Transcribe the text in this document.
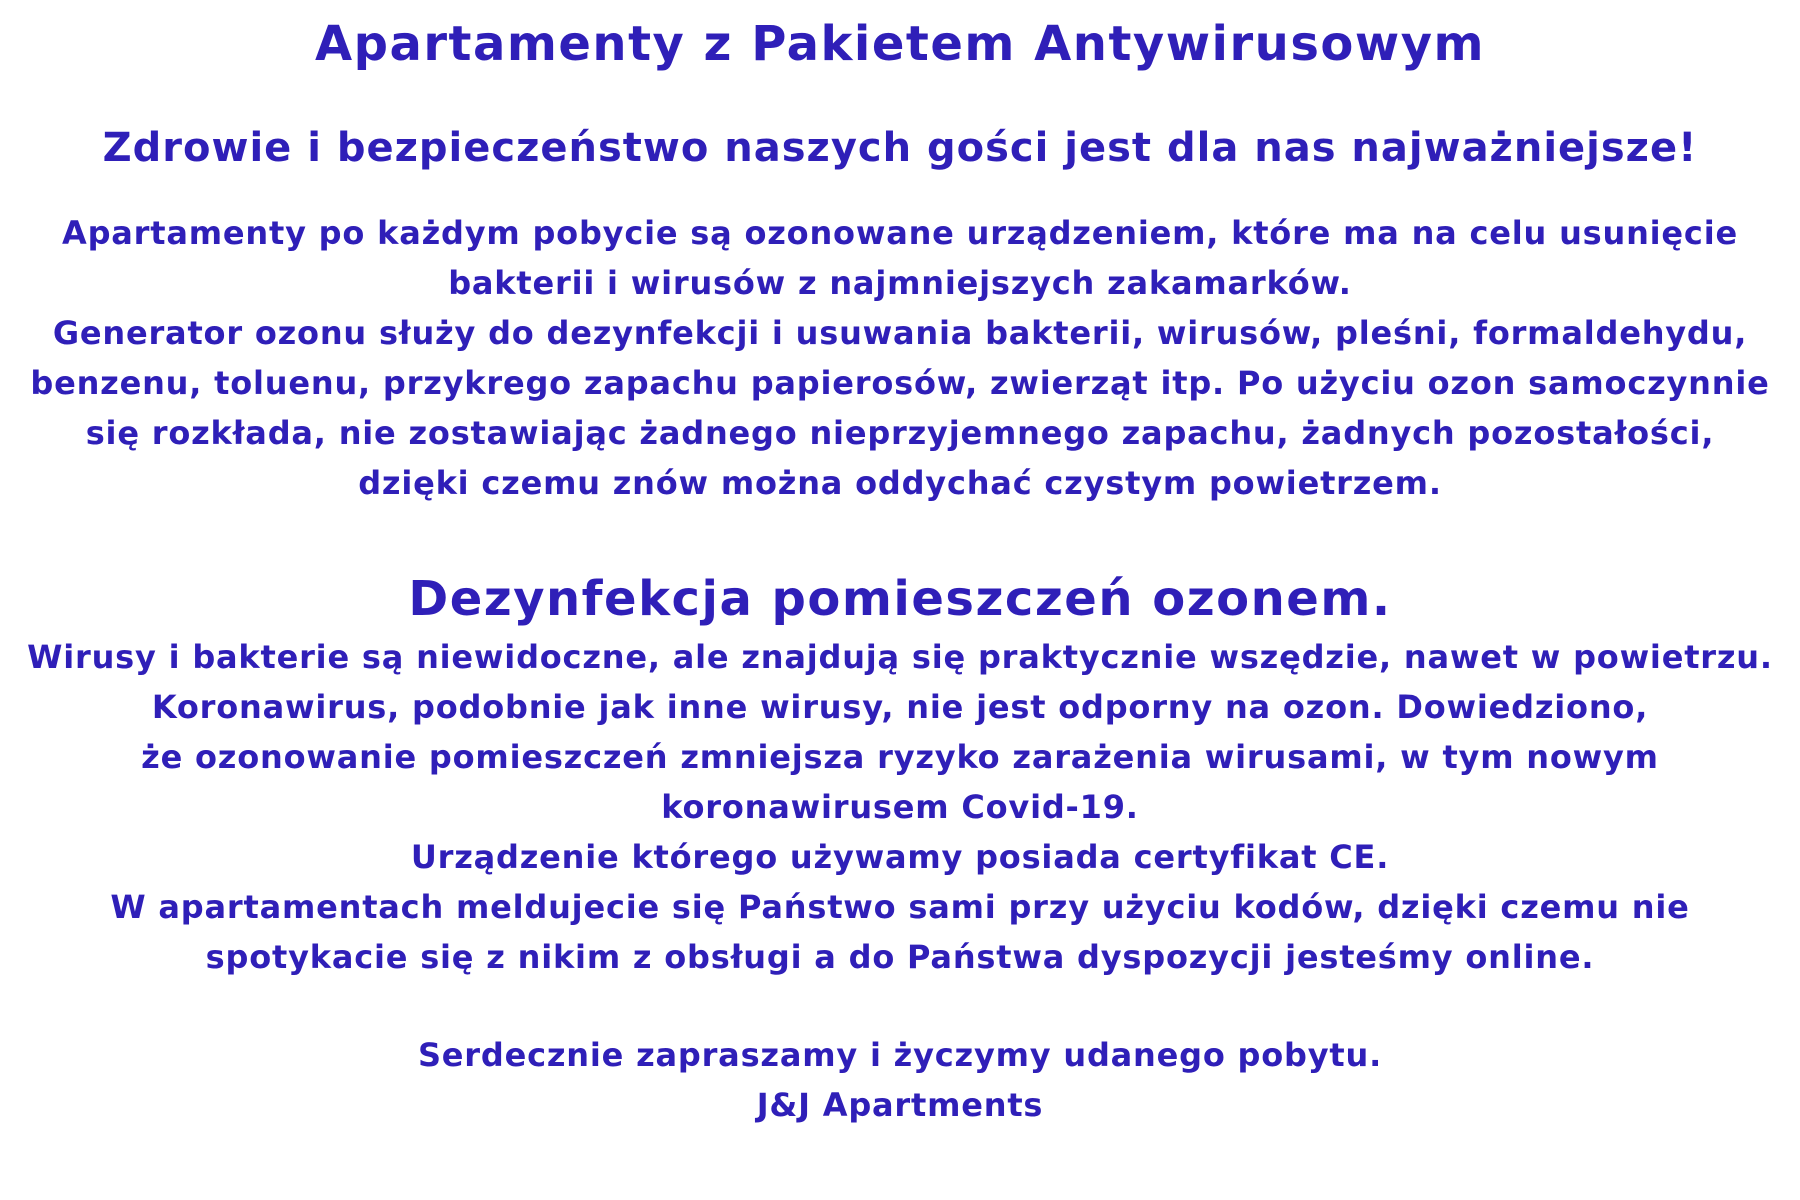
Apartamenty z Pakietem Antywirusowym
Zdrowie i bezpieczeństwo naszych gości jest dla nas najważniejsze!

Apartamenty po każdym pobycie są ozonowane urządzeniem, które ma na celu usunięcie
bakterii i wirusów z najmniejszych zakamarków.
Generator ozonu służy do dezynfekcji i usuwania bakterii, wirusów, pleśni, formaldehydu,
benzenu, toluenu, przykrego zapachu papierosów, zwierząt itp. Po użyciu ozon samoczynnie
się rozkłada, nie zostawiając żadnego nieprzyjemnego zapachu, żadnych pozostałości,
dzięki czemu znów można oddychać czystym powietrzem.

Dezynfekcja pomieszczeń ozonem.

Wirusy i bakterie są niewidoczne, ale znajdują się praktycznie wszędzie, nawet w powietrzu.
Koronawirus, podobnie jak inne wirusy, nie jest odporny na ozon. Dowiedziono,
że ozonowanie pomieszczeń zmniejsza ryzyko zarażenia wirusami, w tym nowym
koronawirusem Covid-19.
Urządzenie którego używamy posiada certyfikat CE.
W apartamentach meldujecie się Państwo sami przy użyciu kodów, dzięki czemu nie
spotykacie się z nikim z obsługi a do Państwa dyspozycji jesteśmy online.

Serdecznie zapraszamy i życzymy udanego pobytu.
J&J Apartments
